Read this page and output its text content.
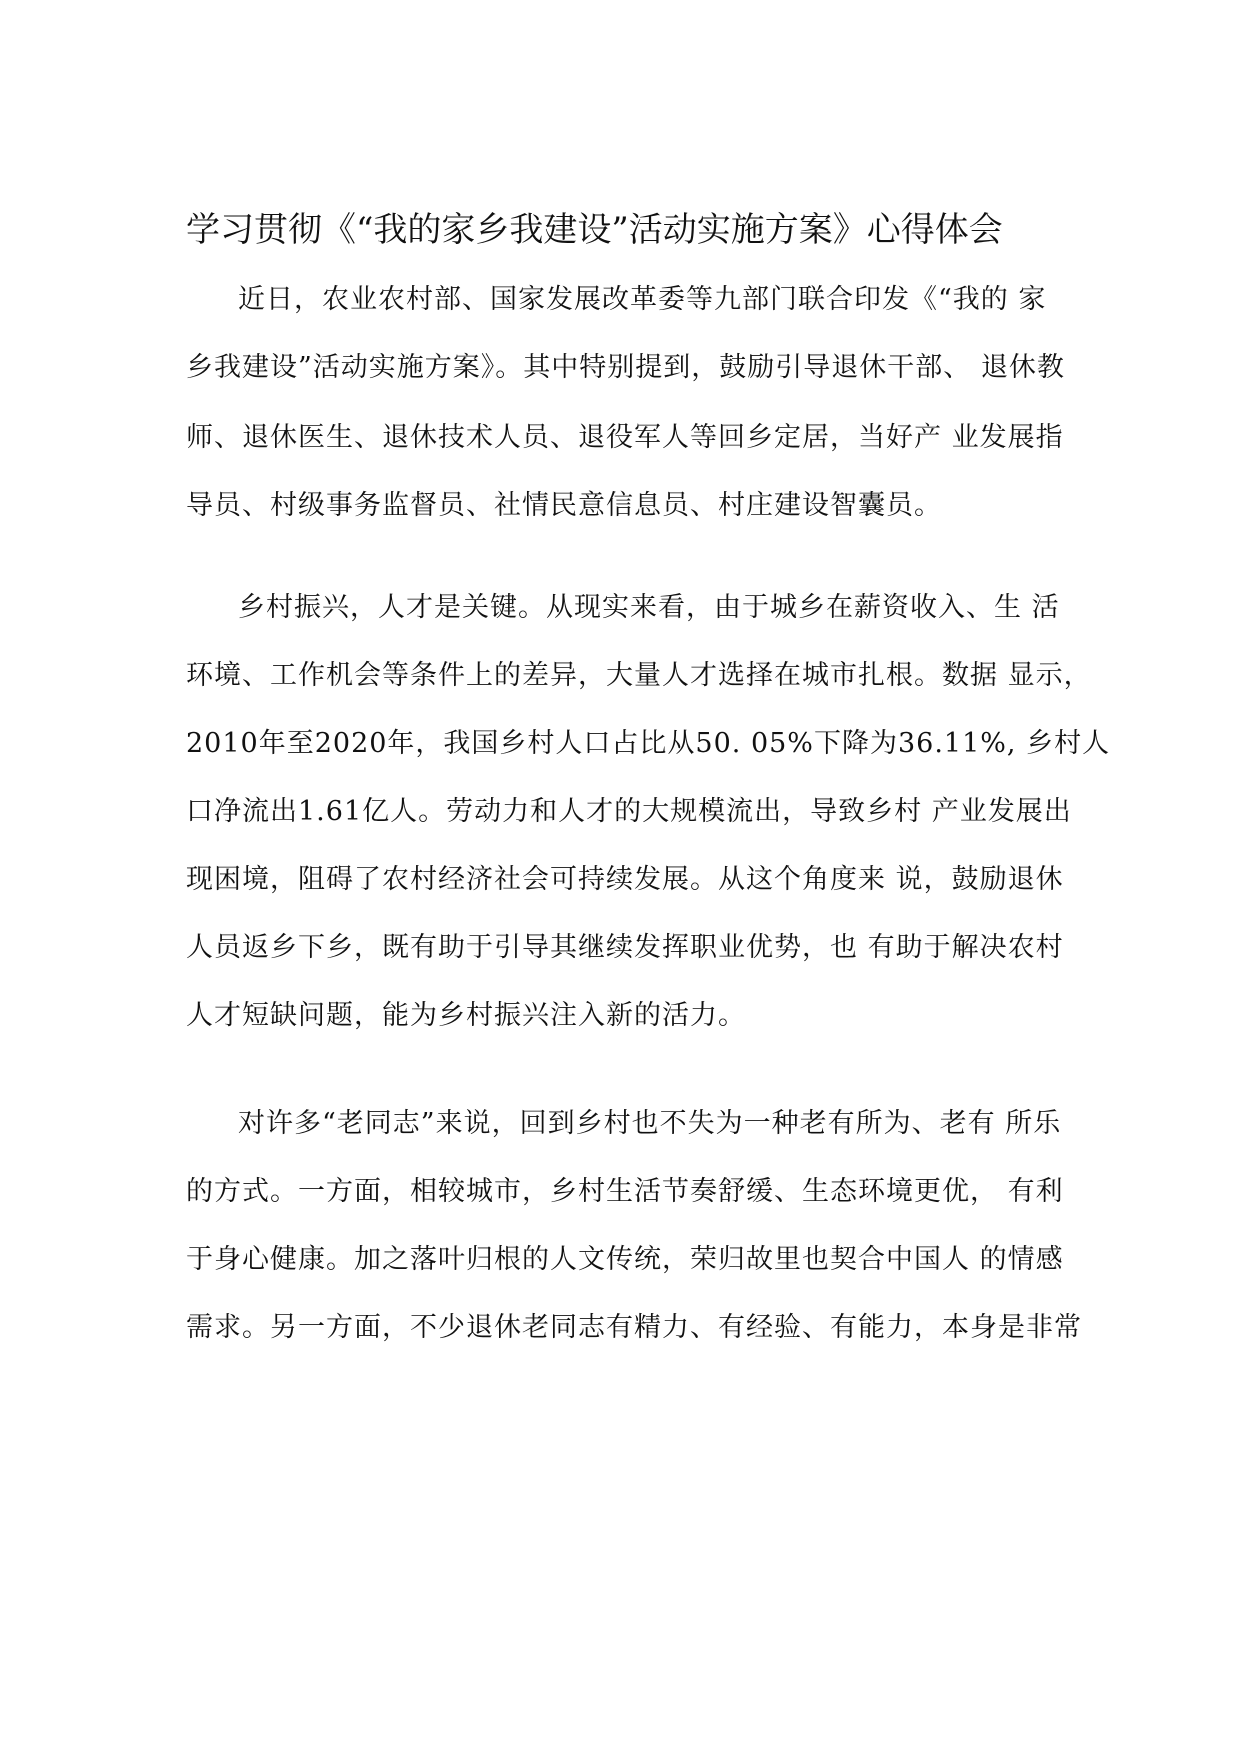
学习贯彻《“我的家乡我建设”活动实施方案》心得体会
近日，农业农村部、国家发展改革委等九部门联合印发《“我的 家
乡我建设”活动实施方案》。其中特别提到，鼓励引导退休干部、 退休教
师、退休医生、退休技术人员、退役军人等回乡定居，当好产 业发展指
导员、村级事务监督员、社情民意信息员、村庄建设智囊员。
乡村振兴，人才是关键。从现实来看，由于城乡在薪资收入、生 活
环境、工作机会等条件上的差异，大量人才选择在城市扎根。数据 显示，
2010年至2020年，我国乡村人口占比从50. 05%下降为36.11%, 乡村人
口净流出1.61亿人。劳动力和人才的大规模流出，导致乡村 产业发展出
现困境，阻碍了农村经济社会可持续发展。从这个角度来 说，鼓励退休
人员返乡下乡，既有助于引导其继续发挥职业优势，也 有助于解决农村
人才短缺问题，能为乡村振兴注入新的活力。
对许多“老同志”来说，回到乡村也不失为一种老有所为、老有 所乐
的方式。一方面，相较城市，乡村生活节奏舒缓、生态环境更优， 有利
于身心健康。加之落叶归根的人文传统，荣归故里也契合中国人 的情感
需求。另一方面，不少退休老同志有精力、有经验、有能力，本身是非常
